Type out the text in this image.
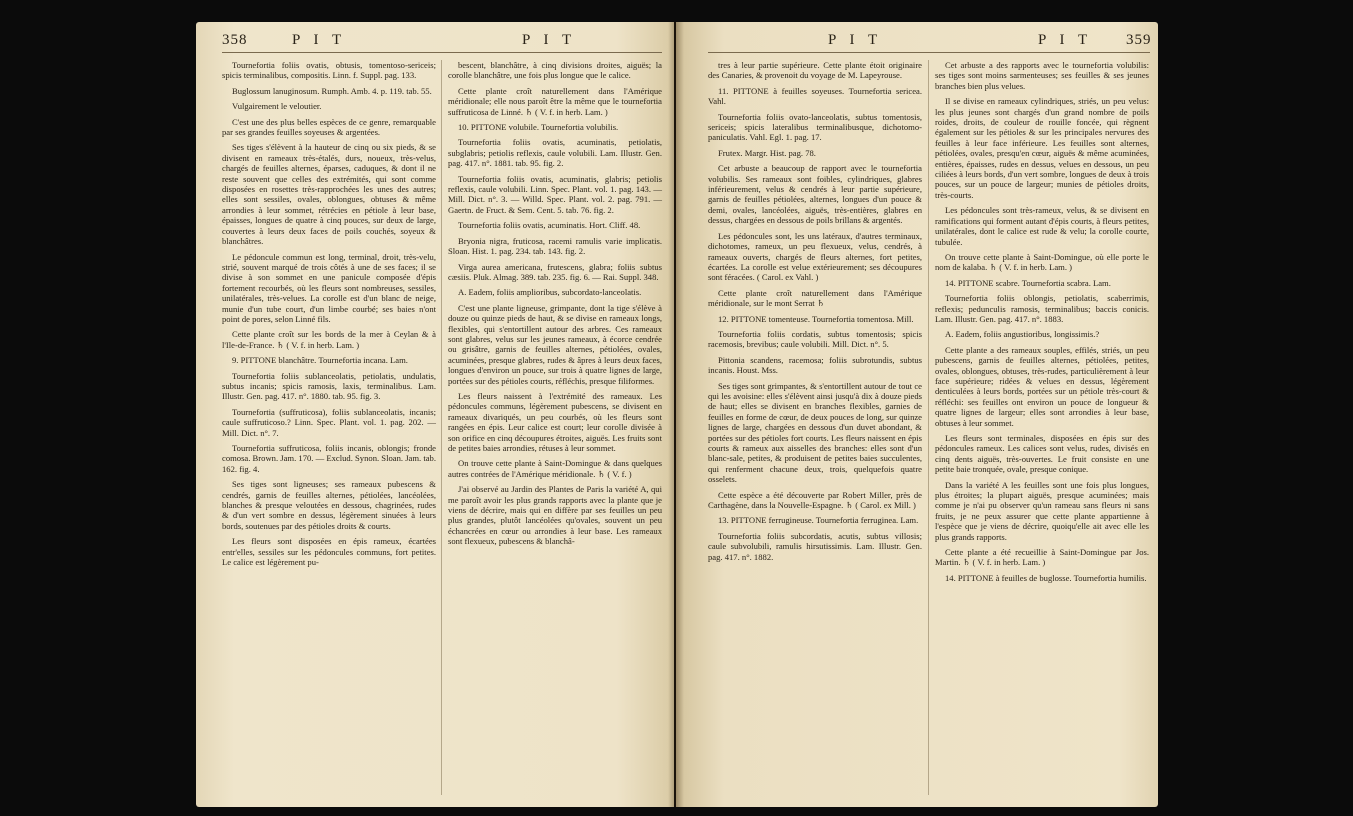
358	P I T	P I T	P I T	P I T 359

Tournefortia foliis ovatis, obtusis, tomentoso-sericeis; spicis terminalibus, compositis. Linn. f. Suppl. pag. 133.

Buglossum lanuginosum. Rumph. Amb. 4. p. 119. tab. 55.

Vulgairement le veloutier.

C'est une des plus belles espèces de ce genre, remarquable par ses grandes feuilles soyeuses & argentées.

Ses tiges s'élèvent à la hauteur de cinq ou six pieds, & se divisent en rameaux très-étalés, durs, noueux, très-velus, chargés de feuilles alternes, éparses, caduques, & dont il ne reste souvent que celles des extrémités, qui sont comme disposées en rosettes très-rapprochées les unes des autres; elles sont sessiles, ovales, oblongues, obtuses & même arrondies à leur sommet, rétrécies en pétiole à leur base, épaisses, longues de quatre à cinq pouces, sur deux de large, couvertes à leurs deux faces de poils couchés, soyeux & blanchâtres.

Le pédoncule commun est long, terminal, droit, très-velu, strié, souvent marqué de trois côtés à une de ses faces; il se divise à son sommet en une panicule composée d'épis fortement recourbés, où les fleurs sont nombreuses, sessiles, unilatérales, très-velues. La corolle est d'un blanc de neige, munie d'un tube court, d'un limbe courbé; ses baies n'ont point de pores, selon Linné fils.

Cette plante croît sur les bords de la mer à Ceylan & à l'Ile-de-France. ♄ ( V. f. in herb. Lam. )

9. PITTONE blanchâtre. Tournefortia incana. Lam.

Tournefortia foliis sublanceolatis, petiolatis, undulatis, subtus incanis; spicis ramosis, laxis, terminalibus. Lam. Illustr. Gen. pag. 417. n°. 1880. tab. 95. fig. 3.

Tournefortia (suffruticosa), foliis sublanceolatis, incanis; caule suffruticoso.? Linn. Spec. Plant. vol. 1. pag. 202. — Mill. Dict. n°. 7.

Tournefortia suffruticosa, foliis incanis, oblongis; fronde comosa. Brown. Jam. 170. — Exclud. Synon. Sloan. Jam. tab. 162. fig. 4.

Ses tiges sont ligneuses; ses rameaux pubescens & cendrés, garnis de feuilles alternes, pétiolées, lancéolées, blanches & presque veloutées en dessous, chagrinées, rudes & d'un vert sombre en dessus, légèrement sinuées à leurs bords, soutenues par des pétioles droits & courts.

Les fleurs sont disposées en épis rameux, écartées entr'elles, sessiles sur les pédoncules communs, fort petites. Le calice est légèrement pu-

bescent, blanchâtre, à cinq divisions droites, aiguës; la corolle blanchâtre, une fois plus longue que le calice.

Cette plante croît naturellement dans l'Amérique méridionale; elle nous paroît être la même que le tournefortia suffruticosa de Linné. ♄ ( V. f. in herb. Lam. )

10. PITTONE volubile. Tournefortia volubilis.

Tournefortia foliis ovatis, acuminatis, petiolatis, subglabris; petiolis reflexis, caule volubili. Lam. Illustr. Gen. pag. 417. n°. 1881. tab. 95. fig. 2.

Tournefortia foliis ovatis, acuminatis, glabris; petiolis reflexis, caule volubili. Linn. Spec. Plant. vol. 1. pag. 143. — Mill. Dict. n°. 3. — Willd. Spec. Plant. vol. 2. pag. 791. — Gaertn. de Fruct. & Sem. Cent. 5. tab. 76. fig. 2.

Tournefortia foliis ovatis, acuminatis. Hort. Cliff. 48.

Bryonia nigra, fruticosa, racemi ramulis varie implicatis. Sloan. Hist. 1. pag. 234. tab. 143. fig. 2.

Virga aurea americana, frutescens, glabra; foliis subtus cæsiis. Pluk. Almag. 389. tab. 235. fig. 6. — Rai. Suppl. 348.

A. Eadem, foliis amplioribus, subcordato-lanceolatis.

C'est une plante ligneuse, grimpante, dont la tige s'élève à douze ou quinze pieds de haut, & se divise en rameaux longs, flexibles, qui s'entortillent autour des arbres. Ces rameaux sont glabres, velus sur les jeunes rameaux, à écorce cendrée ou grisâtre, garnis de feuilles alternes, pétiolées, ovales, acuminées, presque glabres, rudes & âpres à leurs deux faces, longues d'environ un pouce, sur trois à quatre lignes de large, portées sur des pétioles courts, réfléchis, presque filiformes.

Les fleurs naissent à l'extrémité des rameaux. Les pédoncules communs, légèrement pubescens, se divisent en rameaux divariqués, un peu courbés, où les fleurs sont rangées en épis. Leur calice est court; leur corolle divisée à son orifice en cinq découpures étroites, aiguës. Les fruits sont de petites baies arrondies, rétuses à leur sommet.

On trouve cette plante à Saint-Domingue & dans quelques autres contrées de l'Amérique méridionale. ♄ ( V. f. )

J'ai observé au Jardin des Plantes de Paris la variété A, qui me paroît avoir les plus grands rapports avec la plante que je viens de décrire, mais qui en diffère par ses feuilles un peu plus grandes, plutôt lancéolées qu'ovales, souvent un peu échancrées en cœur ou arrondies à leur base. Les rameaux sont flexueux, pubescens & blanchâ-

tres à leur partie supérieure. Cette plante étoit originaire des Canaries, & provenoit du voyage de M. Lapeyrouse.

11. PITTONE à feuilles soyeuses. Tournefortia sericea. Vahl.

Tournefortia foliis ovato-lanceolatis, subtus tomentosis, sericeis; spicis lateralibus terminalibusque, dichotomo-paniculatis. Vahl. Egl. 1. pag. 17.

Frutex. Margr. Hist. pag. 78.

Cet arbuste a beaucoup de rapport avec le tournefortia volubilis. Ses rameaux sont foibles, cylindriques, glabres inférieurement, velus & cendrés à leur partie supérieure, garnis de feuilles pétiolées, alternes, longues d'un pouce & demi, ovales, lancéolées, aiguës, très-entières, glabres en dessus, chargées en dessous de poils brillans & argentés.

Les pédoncules sont, les uns latéraux, d'autres terminaux, dichotomes, rameux, un peu flexueux, velus, cendrés, à rameaux ouverts, chargés de fleurs alternes, fort petites, écartées. La corolle est velue extérieurement; ses découpures sont féracées. ( Carol. ex Vahl. )

Cette plante croît naturellement dans l'Amérique méridionale, sur le mont Serrat ♄

12. PITTONE tomenteuse. Tournefortia tomentosa. Mill.

Tournefortia foliis cordatis, subtus tomentosis; spicis racemosis, brevibus; caule volubili. Mill. Dict. n°. 5.

Pittonia scandens, racemosa; foliis subrotundis, subtus incanis. Houst. Mss.

Ses tiges sont grimpantes, & s'entortillent autour de tout ce qui les avoisine: elles s'élèvent ainsi jusqu'à dix à douze pieds de haut; elles se divisent en branches flexibles, garnies de feuilles en forme de cœur, de deux pouces de long, sur quinze lignes de large, chargées en dessous d'un duvet abondant, & portées sur des pétioles fort courts. Les fleurs naissent en épis courts & rameux aux aisselles des branches: elles sont d'un blanc-sale, petites, & produisent de petites baies succulentes, qui renferment chacune deux, trois, quelquefois quatre osselets.

Cette espèce a été découverte par Robert Miller, près de Carthagène, dans la Nouvelle-Espagne. ♄ ( Carol. ex Mill. )

13. PITTONE ferrugineuse. Tournefortia ferruginea. Lam.

Tournefortia foliis subcordatis, acutis, subtus villosis; caule subvolubili, ramulis hirsutissimis. Lam. Illustr. Gen. pag. 417. n°. 1882.

Cet arbuste a des rapports avec le tournefortia volubilis: ses tiges sont moins sarmenteuses; ses feuilles & ses jeunes branches bien plus velues.

Il se divise en rameaux cylindriques, striés, un peu velus: les plus jeunes sont chargés d'un grand nombre de poils roides, droits, de couleur de rouille foncée, qui règnent également sur les pétioles & sur les principales nervures des feuilles à leur face inférieure. Les feuilles sont alternes, pétiolées, ovales, presqu'en cœur, aiguës & même acuminées, entières, épaisses, rudes en dessus, velues en dessous, un peu ciliées à leurs bords, d'un vert sombre, longues de deux à trois pouces, sur un pouce de largeur; munies de pétioles droits, très-courts.

Les pédoncules sont très-rameux, velus, & se divisent en ramifications qui forment autant d'épis courts, à fleurs petites, unilatérales, dont le calice est rude & velu; la corolle courte, tubulée.

On trouve cette plante à Saint-Domingue, où elle porte le nom de kalaba. ♄ ( V. f. in herb. Lam. )

14. PITTONE scabre. Tournefortia scabra. Lam.

Tournefortia foliis oblongis, petiolatis, scaberrimis, reflexis; pedunculis ramosis, terminalibus; baccis conicis. Lam. Illustr. Gen. pag. 417. n°. 1883.

A. Eadem, foliis angustioribus, longissimis.?

Cette plante a des rameaux souples, effilés, striés, un peu pubescens, garnis de feuilles alternes, pétiolées, petites, ovales, oblongues, obtuses, très-rudes, particulièrement à leur face supérieure; ridées & velues en dessus, légèrement denticulées à leurs bords, portées sur un pétiole très-court & réfléchi: ses feuilles ont environ un pouce de longueur & quatre lignes de largeur; elles sont arrondies à leur base, obtuses à leur sommet.

Les fleurs sont terminales, disposées en épis sur des pédoncules rameux. Les calices sont velus, rudes, divisés en cinq dents aiguës, très-ouvertes. Le fruit consiste en une petite baie tronquée, ovale, presque conique.

Dans la variété A les feuilles sont une fois plus longues, plus étroites; la plupart aiguës, presque acuminées; mais comme je n'ai pu observer qu'un rameau sans fleurs ni sans fruits, je ne peux assurer que cette plante appartienne à l'espèce que je viens de décrire, quoiqu'elle ait avec elle les plus grands rapports.

Cette plante a été recueillie à Saint-Domingue par Jos. Martin. ♄ ( V. f. in herb. Lam. )

14. PITTONE à feuilles de buglosse. Tournefortia humilis.
